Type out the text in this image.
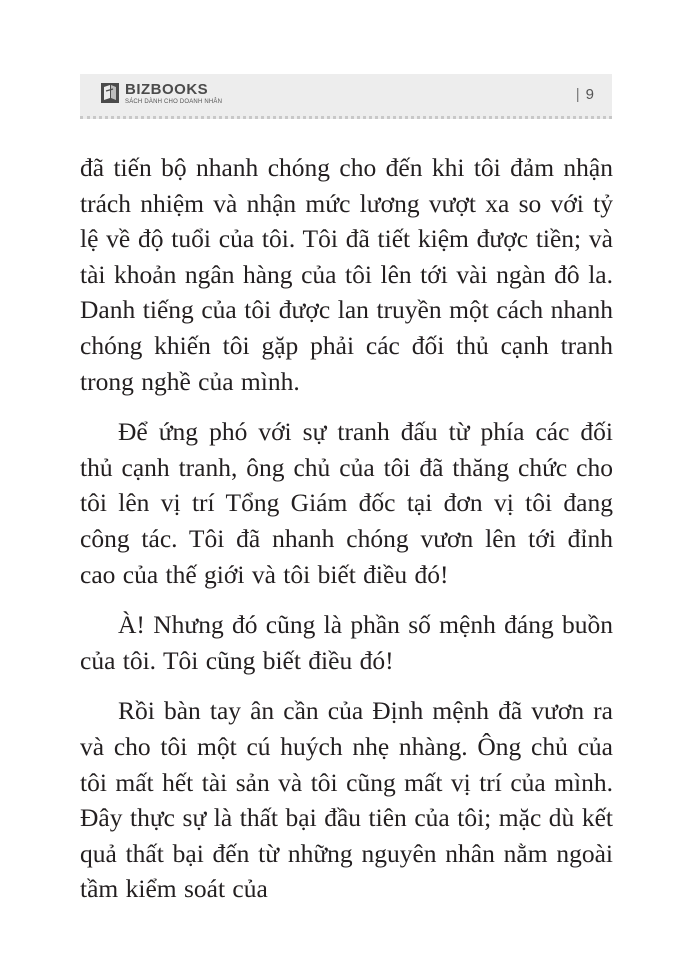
BIZBOOKS
SÁCH DÀNH CHO DOANH NHÂN	| 9

đã tiến bộ nhanh chóng cho đến khi tôi đảm nhận trách nhiệm và nhận mức lương vượt xa so với tỷ lệ về độ tuổi của tôi. Tôi đã tiết kiệm được tiền; và tài khoản ngân hàng của tôi lên tới vài ngàn đô la. Danh tiếng của tôi được lan truyền một cách nhanh chóng khiến tôi gặp phải các đối thủ cạnh tranh trong nghề của mình.

Để ứng phó với sự tranh đấu từ phía các đối thủ cạnh tranh, ông chủ của tôi đã thăng chức cho tôi lên vị trí Tổng Giám đốc tại đơn vị tôi đang công tác. Tôi đã nhanh chóng vươn lên tới đỉnh cao của thế giới và tôi biết điều đó!

À! Nhưng đó cũng là phần số mệnh đáng buồn của tôi. Tôi cũng biết điều đó!

Rồi bàn tay ân cần của Định mệnh đã vươn ra và cho tôi một cú huých nhẹ nhàng. Ông chủ của tôi mất hết tài sản và tôi cũng mất vị trí của mình. Đây thực sự là thất bại đầu tiên của tôi; mặc dù kết quả thất bại đến từ những nguyên nhân nằm ngoài tầm kiểm soát của
